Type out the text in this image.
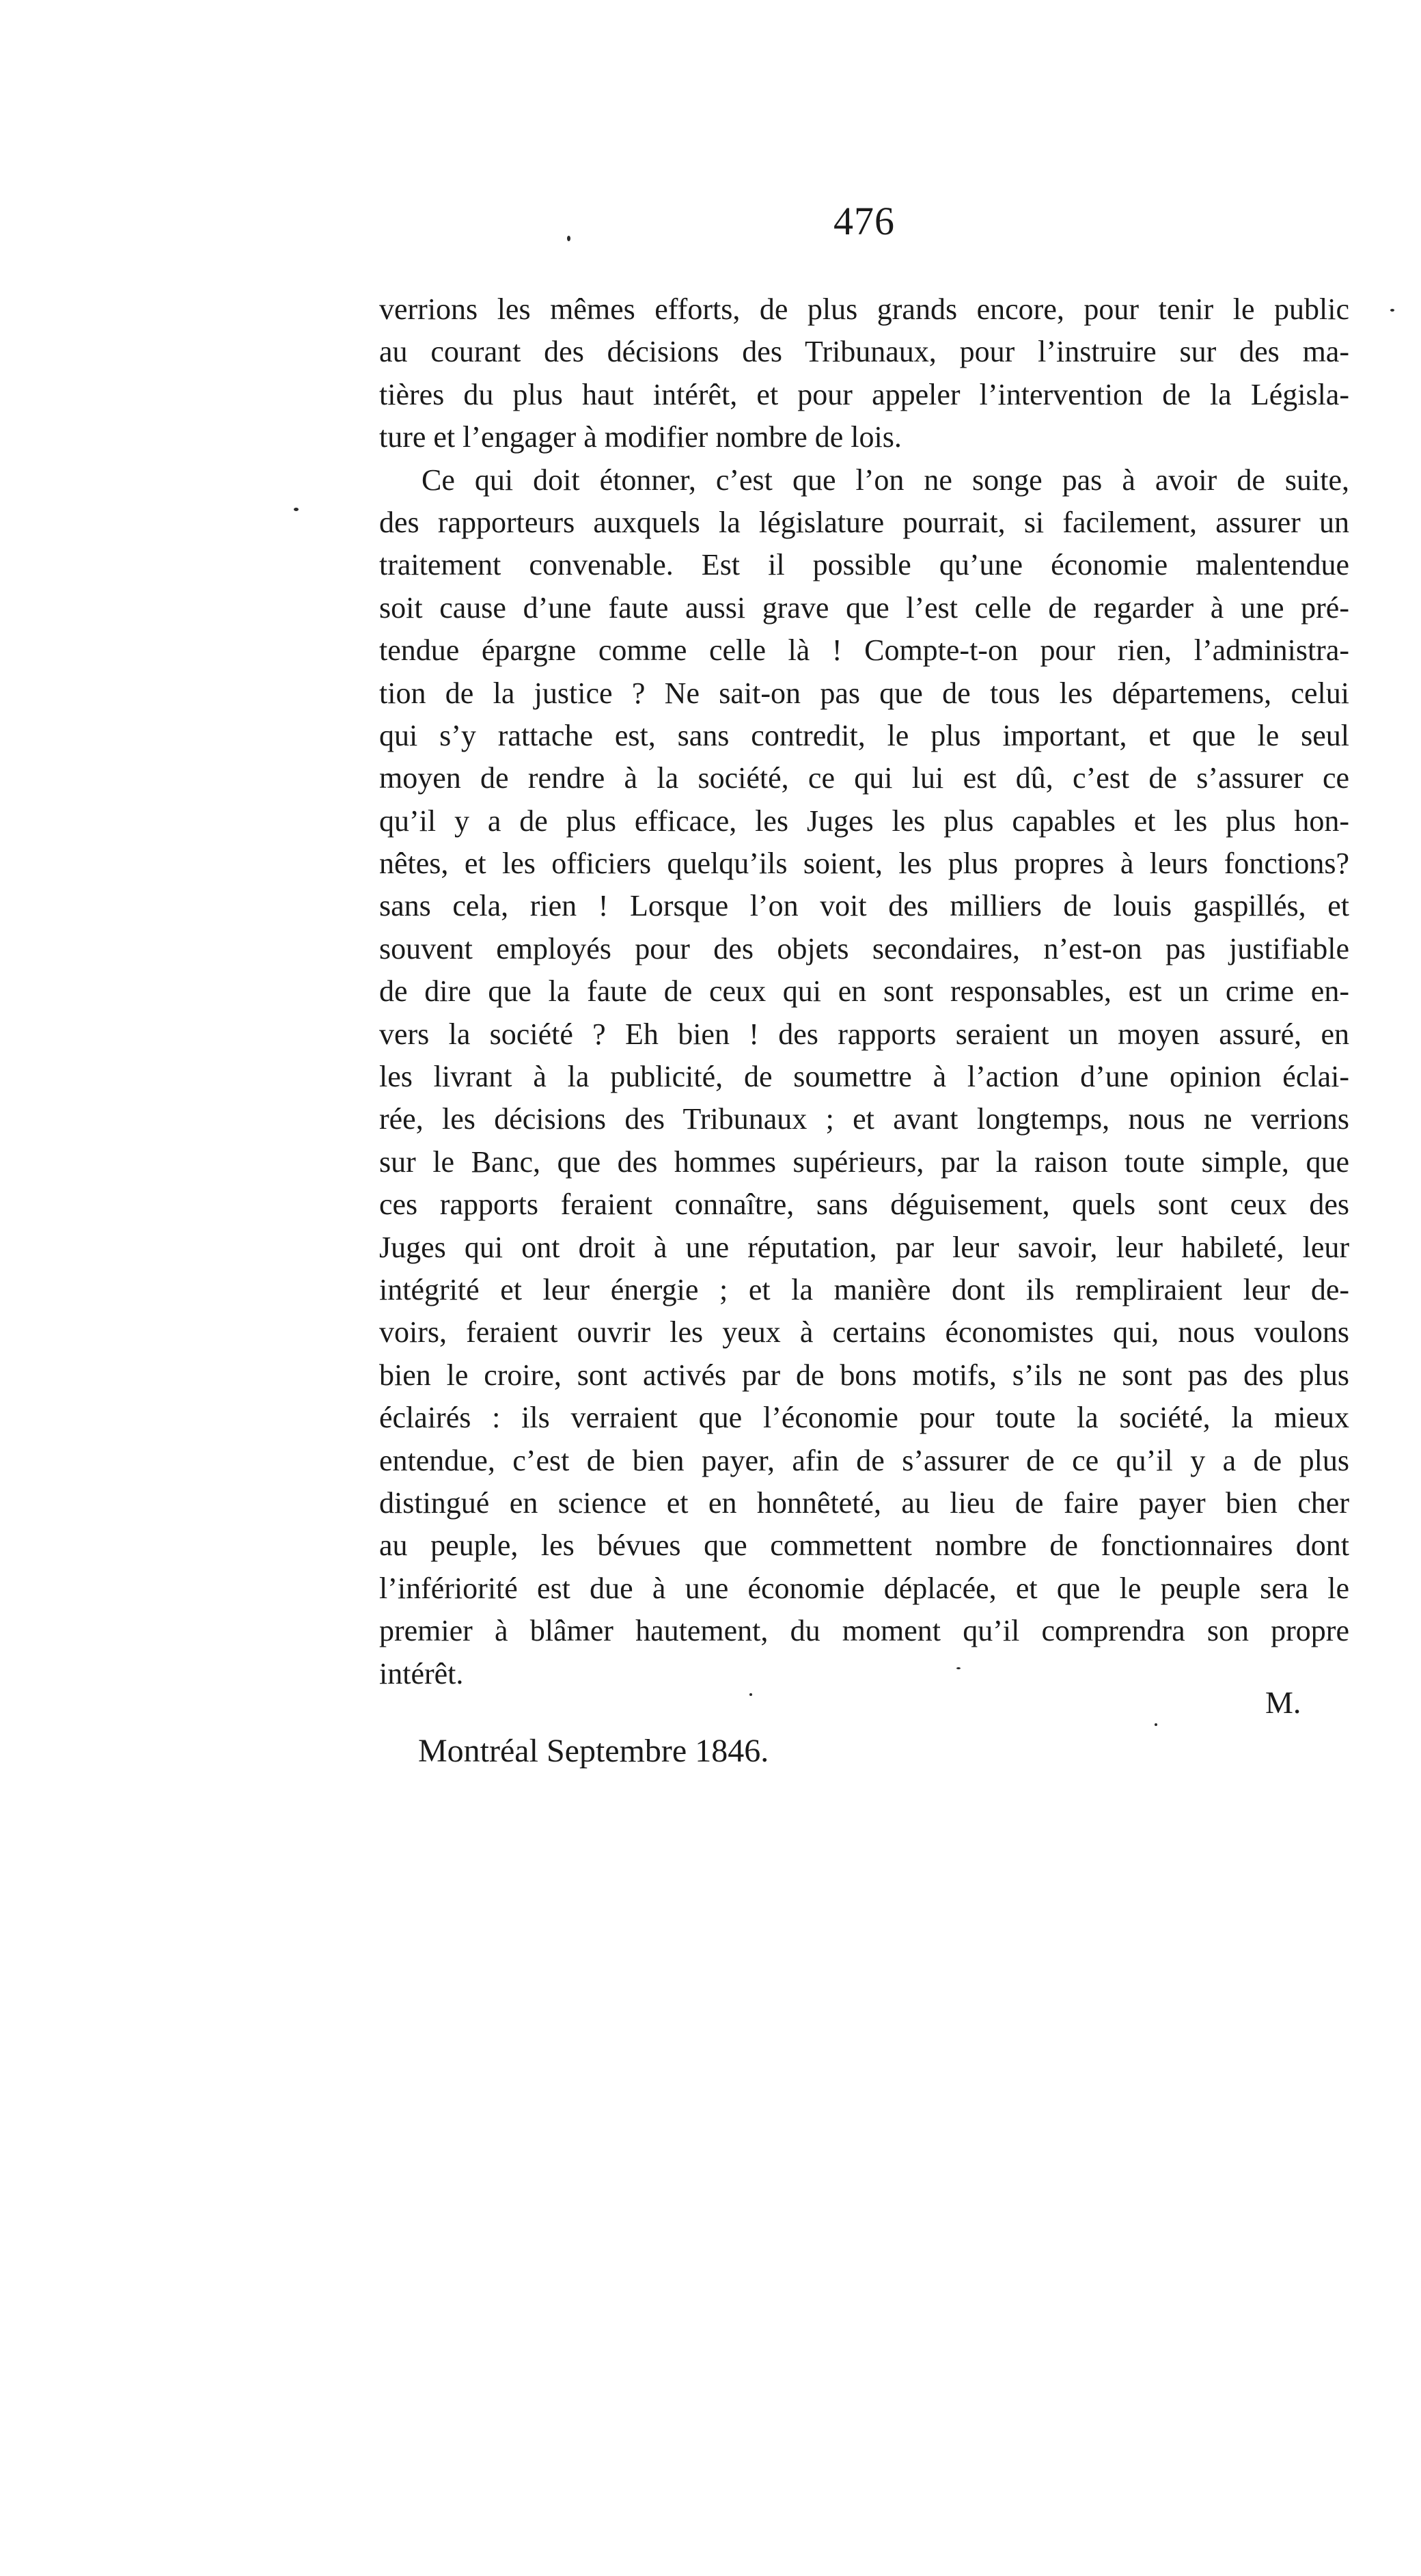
476
verrions les mêmes efforts, de plus grands encore, pour tenir le public
au courant des décisions des Tribunaux, pour l’instruire sur des ma-
tières du plus haut intérêt, et pour appeler l’intervention de la Législa-
ture et l’engager à modifier nombre de lois.
Ce qui doit étonner, c’est que l’on ne songe pas à avoir de suite,
des rapporteurs auxquels la législature pourrait, si facilement, assurer un
traitement convenable. Est il possible qu’une économie malentendue
soit cause d’une faute aussi grave que l’est celle de regarder à une pré-
tendue épargne comme celle là ! Compte-t-on pour rien, l’administra-
tion de la justice ? Ne sait-on pas que de tous les départemens, celui
qui s’y rattache est, sans contredit, le plus important, et que le seul
moyen de rendre à la société, ce qui lui est dû, c’est de s’assurer ce
qu’il y a de plus efficace, les Juges les plus capables et les plus hon-
nêtes, et les officiers quelqu’ils soient, les plus propres à leurs fonctions?
sans cela, rien ! Lorsque l’on voit des milliers de louis gaspillés, et
souvent employés pour des objets secondaires, n’est-on pas justifiable
de dire que la faute de ceux qui en sont responsables, est un crime en-
vers la société ? Eh bien ! des rapports seraient un moyen assuré, en
les livrant à la publicité, de soumettre à l’action d’une opinion éclai-
rée, les décisions des Tribunaux ; et avant longtemps, nous ne verrions
sur le Banc, que des hommes supérieurs, par la raison toute simple, que
ces rapports feraient connaître, sans déguisement, quels sont ceux des
Juges qui ont droit à une réputation, par leur savoir, leur habileté, leur
intégrité et leur énergie ; et la manière dont ils rempliraient leur de-
voirs, feraient ouvrir les yeux à certains économistes qui, nous voulons
bien le croire, sont activés par de bons motifs, s’ils ne sont pas des plus
éclairés : ils verraient que l’économie pour toute la société, la mieux
entendue, c’est de bien payer, afin de s’assurer de ce qu’il y a de plus
distingué en science et en honnêteté, au lieu de faire payer bien cher
au peuple, les bévues que commettent nombre de fonctionnaires dont
l’infériorité est due à une économie déplacée, et que le peuple sera le
premier à blâmer hautement, du moment qu’il comprendra son propre
intérêt.
M.
Montréal Septembre 1846.
